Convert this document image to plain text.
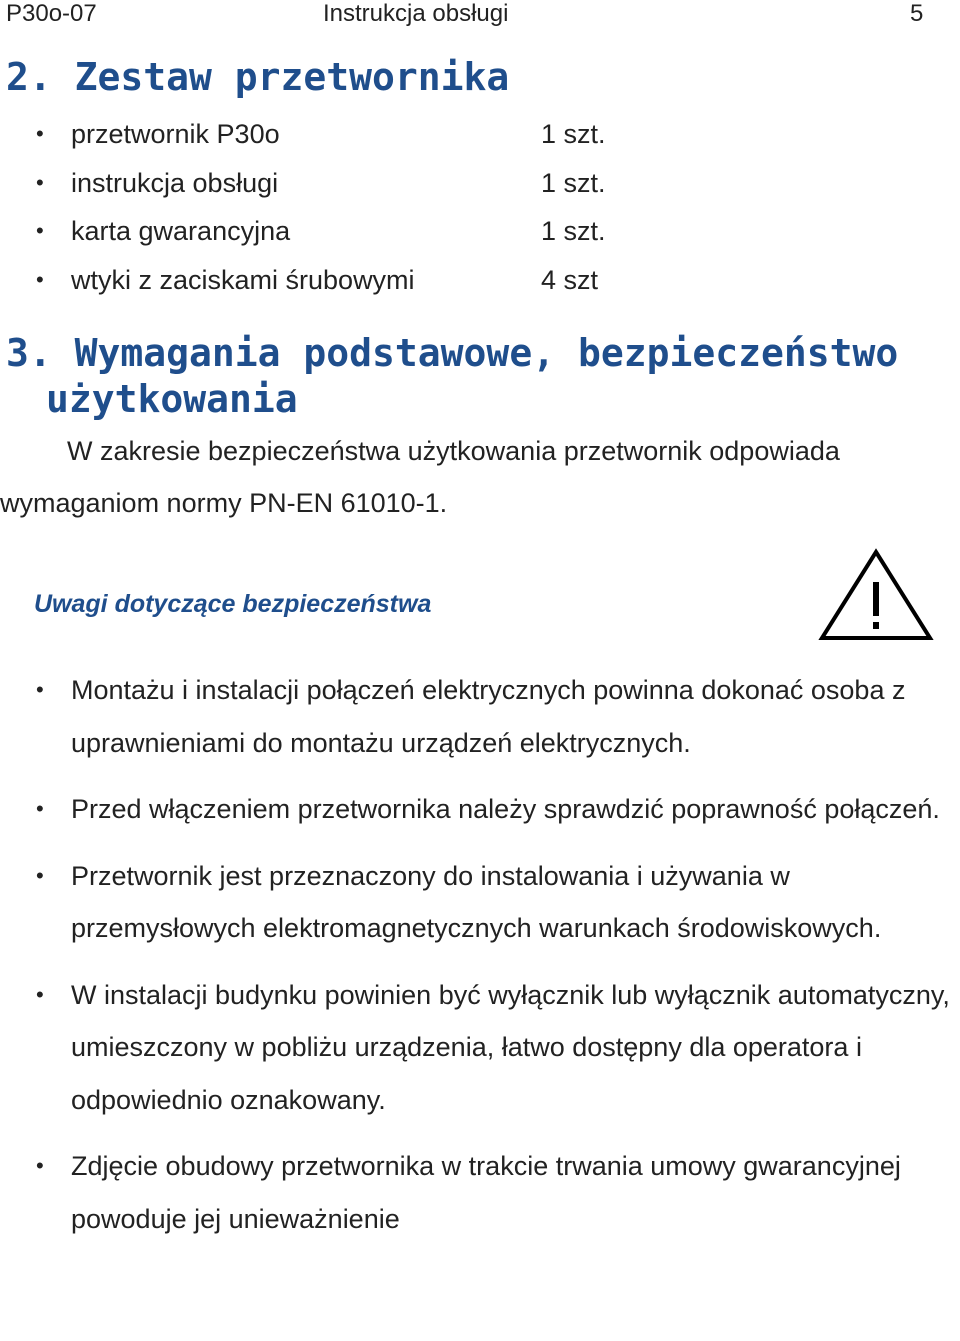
P30o-07	Instrukcja obsługi	5
2. Zestaw przetwornika
• przetwornik P30o	1 szt.
• instrukcja obsługi	1 szt.
• karta gwarancyjna	1 szt.
• wtyki z zaciskami śrubowymi	4 szt
3. Wymagania podstawowe, bezpieczeństwo
użytkowania

W zakresie bezpieczeństwa użytkowania przetwornik odpowiada
wymaganiom normy PN-EN 61010-1.

Uwagi dotyczące bezpieczeństwa
• Montażu i instalacji połączeń elektrycznych powinna dokonać osoba z uprawnieniami do montażu urządzeń elektrycznych.
• Przed włączeniem przetwornika należy sprawdzić poprawność połączeń.
• Przetwornik jest przeznaczony do instalowania i używania w przemysłowych elektromagnetycznych warunkach środowiskowych.
• W instalacji budynku powinien być wyłącznik lub wyłącznik automatyczny, umieszczony w pobliżu urządzenia, łatwo dostępny dla operatora i odpowiednio oznakowany.
• Zdjęcie obudowy przetwornika w trakcie trwania umowy gwarancyjnej powoduje jej unieważnienie
